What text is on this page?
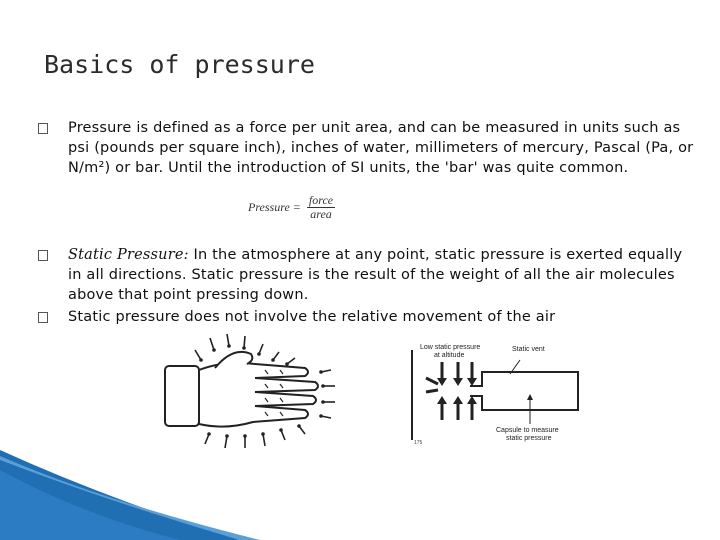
Basics of pressure
Pressure is defined as a force per unit area, and can be measured in units such as psi (pounds per square inch), inches of water, millimeters of mercury, Pascal (Pa, or N/m²) or bar. Until the introduction of SI units, the 'bar' was quite common.
Pressure = $\frac{\text{force}}{\text{area}}$
Static Pressure: In the atmosphere at any point, static pressure is exerted equally in all directions. Static pressure is the result of the weight of all the air molecules above that point pressing down.
Static pressure does not involve the relative movement of the air
Low static pressure
at altitude
Static vent
Capsule to measure
static pressure
175
